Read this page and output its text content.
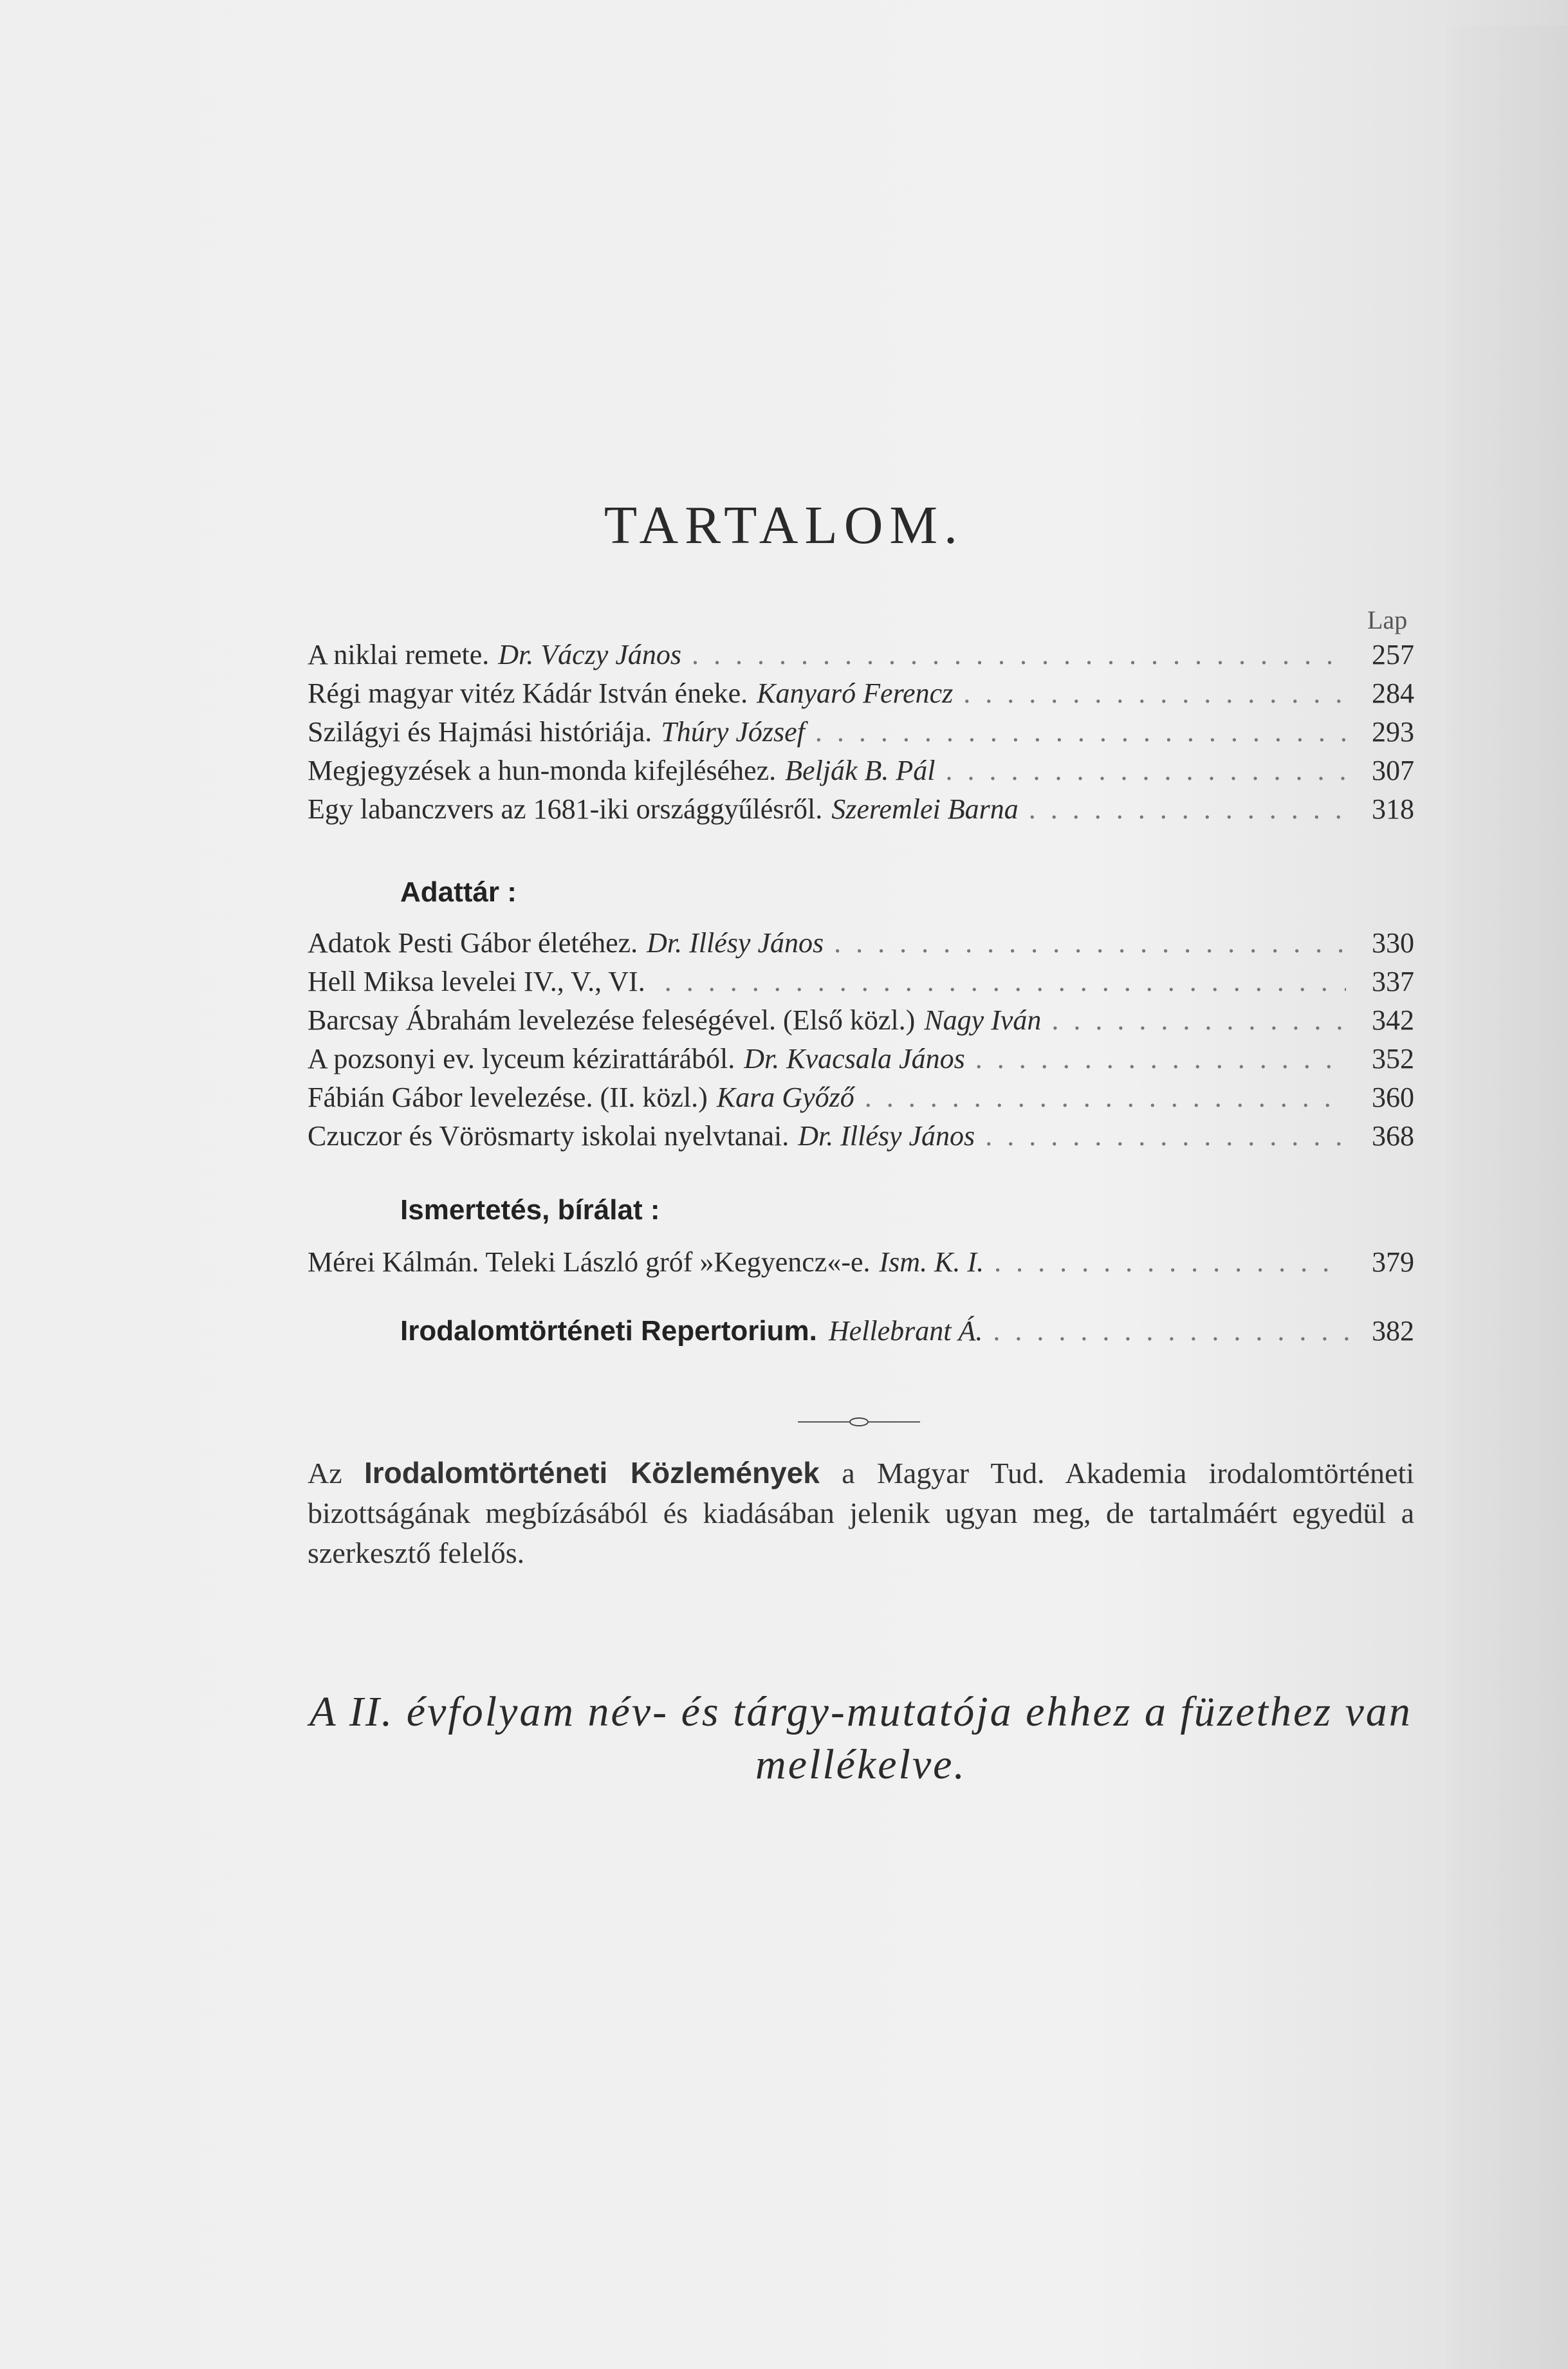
TARTALOM.
Lap
A niklai remete. Dr. Váczy János . . .	257
Régi magyar vitéz Kádár István éneke. Kanyaró Ferencz . . .	284
Szilágyi és Hajmási históriája. Thúry József . . .	293
Megjegyzések a hun-monda kifejléséhez. Belják B. Pál . . .	307
Egy labanczvers az 1681-iki országgyűlésről. Szeremlei Barna . . .	318
Adattár :
Adatok Pesti Gábor életéhez. Dr. Illésy János . . .	330
Hell Miksa levelei IV., V., VI. . . .	337
Barcsay Ábrahám levelezése feleségével. (Első közl.) Nagy Iván . . .	342
A pozsonyi ev. lyceum kézirattárából. Dr. Kvacsala János . . .	352
Fábián Gábor levelezése. (II. közl.) Kara Győző . . .	360
Czuczor és Vörösmarty iskolai nyelvtanai. Dr. Illésy János . . .	368
Ismertetés, bírálat :
Mérei Kálmán. Teleki László gróf »Kegyencz«-e. Ism. K. I. . . .	379
Irodalomtörténeti Repertorium. Hellebrant Á. . . .	382
Az Irodalomtörténeti Közlemények a Magyar Tud. Akademia irodalomtörténeti bizottságának megbízásából és kiadásában jelenik ugyan meg, de tartalmáért egyedül a szerkesztő felelős.
A II. évfolyam név- és tárgy-mutatója ehhez a füzethez van mellékelve.
